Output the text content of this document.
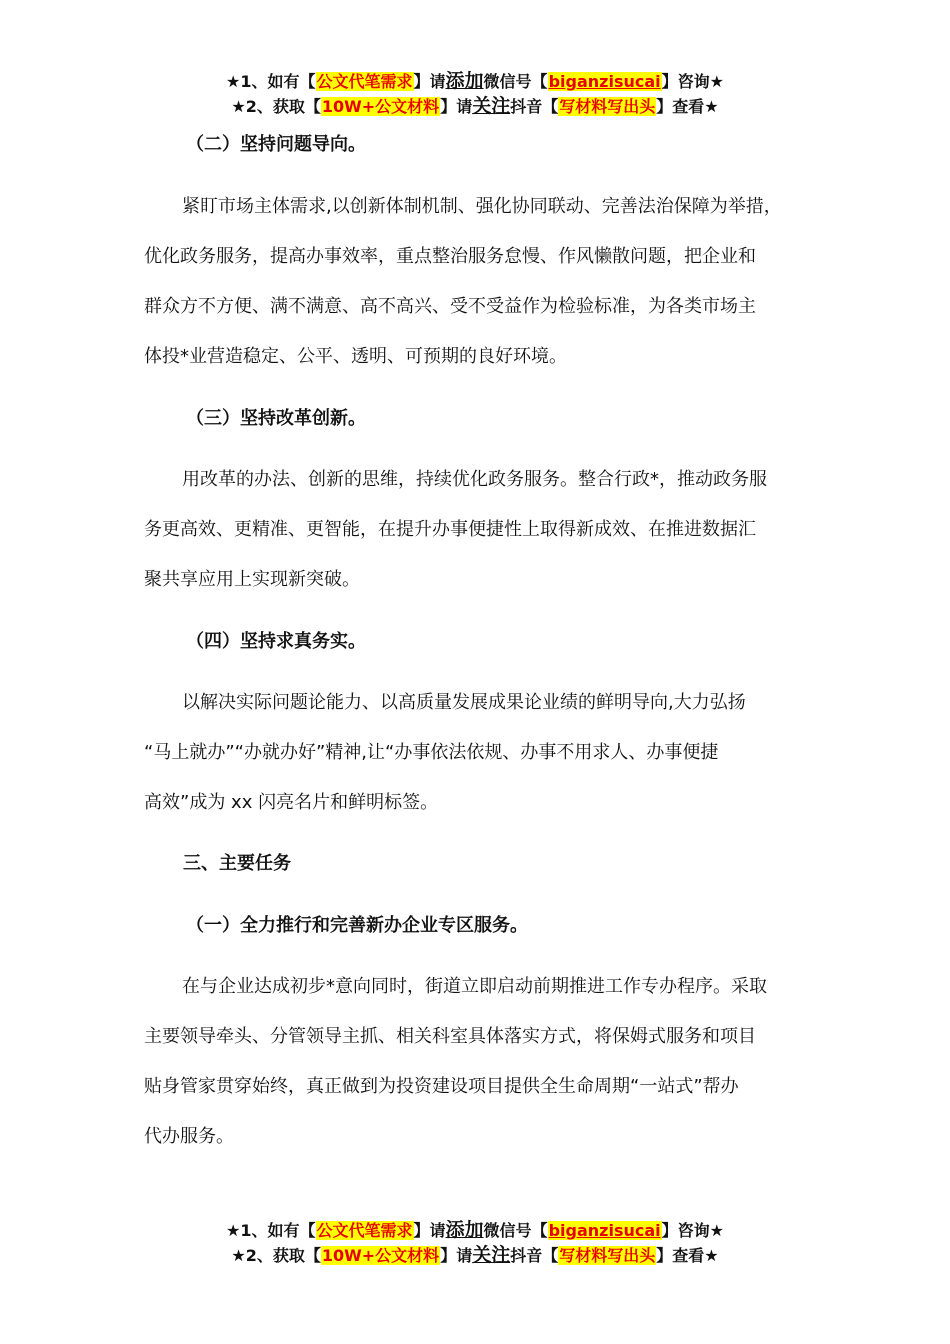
★1、如有【公文代笔需求】请添加微信号【biganzisucai】咨询★
★2、获取【10W+公文材料】请关注抖音【写材料写出头】查看★
（二）坚持问题导向。
紧盯市场主体需求,以创新体制机制、强化协同联动、完善法治保障为举措，
优化政务服务，提高办事效率，重点整治服务怠慢、作风懒散问题，把企业和
群众方不方便、满不满意、高不高兴、受不受益作为检验标准，为各类市场主
体投*业营造稳定、公平、透明、可预期的良好环境。
（三）坚持改革创新。
用改革的办法、创新的思维，持续优化政务服务。整合行政*，推动政务服
务更高效、更精准、更智能，在提升办事便捷性上取得新成效、在推进数据汇
聚共享应用上实现新突破。
（四）坚持求真务实。
以解决实际问题论能力、以高质量发展成果论业绩的鲜明导向,大力弘扬
“马上就办”“办就办好”精神,让“办事依法依规、办事不用求人、办事便捷
高效”成为 xx 闪亮名片和鲜明标签。
三、主要任务
（一）全力推行和完善新办企业专区服务。
在与企业达成初步*意向同时，街道立即启动前期推进工作专办程序。采取
主要领导牵头、分管领导主抓、相关科室具体落实方式，将保姆式服务和项目
贴身管家贯穿始终，真正做到为投资建设项目提供全生命周期“一站式”帮办
代办服务。
★1、如有【公文代笔需求】请添加微信号【biganzisucai】咨询★
★2、获取【10W+公文材料】请关注抖音【写材料写出头】查看★
